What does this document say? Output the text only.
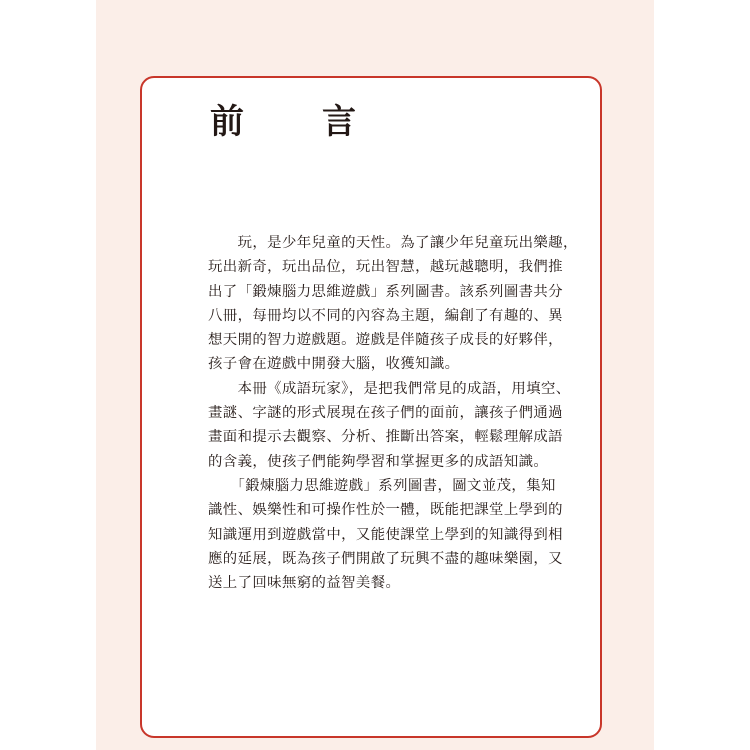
前　言
　　玩，是少年兒童的天性。為了讓少年兒童玩出樂趣，
玩出新奇，玩出品位，玩出智慧，越玩越聰明，我們推
出了「鍛煉腦力思維遊戲」系列圖書。該系列圖書共分
八冊，每冊均以不同的內容為主題，編創了有趣的、異
想天開的智力遊戲題。遊戲是伴隨孩子成長的好夥伴，
孩子會在遊戲中開發大腦，收獲知識。
　　本冊《成語玩家》，是把我們常見的成語，用填空、
畫謎、字謎的形式展現在孩子們的面前，讓孩子們通過
畫面和提示去觀察、分析、推斷出答案，輕鬆理解成語
的含義，使孩子們能夠學習和掌握更多的成語知識。
　　「鍛煉腦力思維遊戲」系列圖書，圖文並茂，集知
識性、娛樂性和可操作性於一體，既能把課堂上學到的
知識運用到遊戲當中，又能使課堂上學到的知識得到相
應的延展，既為孩子們開啟了玩興不盡的趣味樂園，又
送上了回味無窮的益智美餐。
